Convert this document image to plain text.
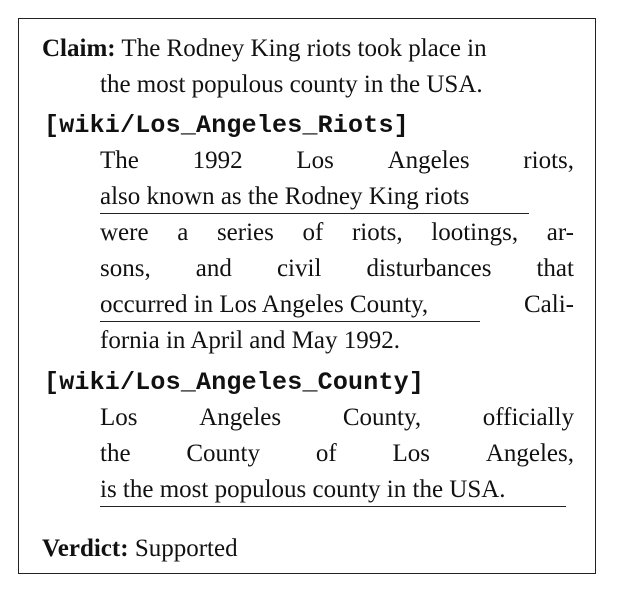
Claim: The Rodney King riots took place in
the most populous county in the USA.
[wiki/Los_Angeles_Riots]
The 1992 Los Angeles riots,
also known as the Rodney King riots
were a series of riots, lootings, ar-
sons, and civil disturbances that
occurred in Los Angeles County,	Cali-
fornia in April and May 1992.
[wiki/Los_Angeles_County]
Los Angeles County, officially
the County of Los Angeles,
is the most populous county in the USA.
Verdict: Supported
